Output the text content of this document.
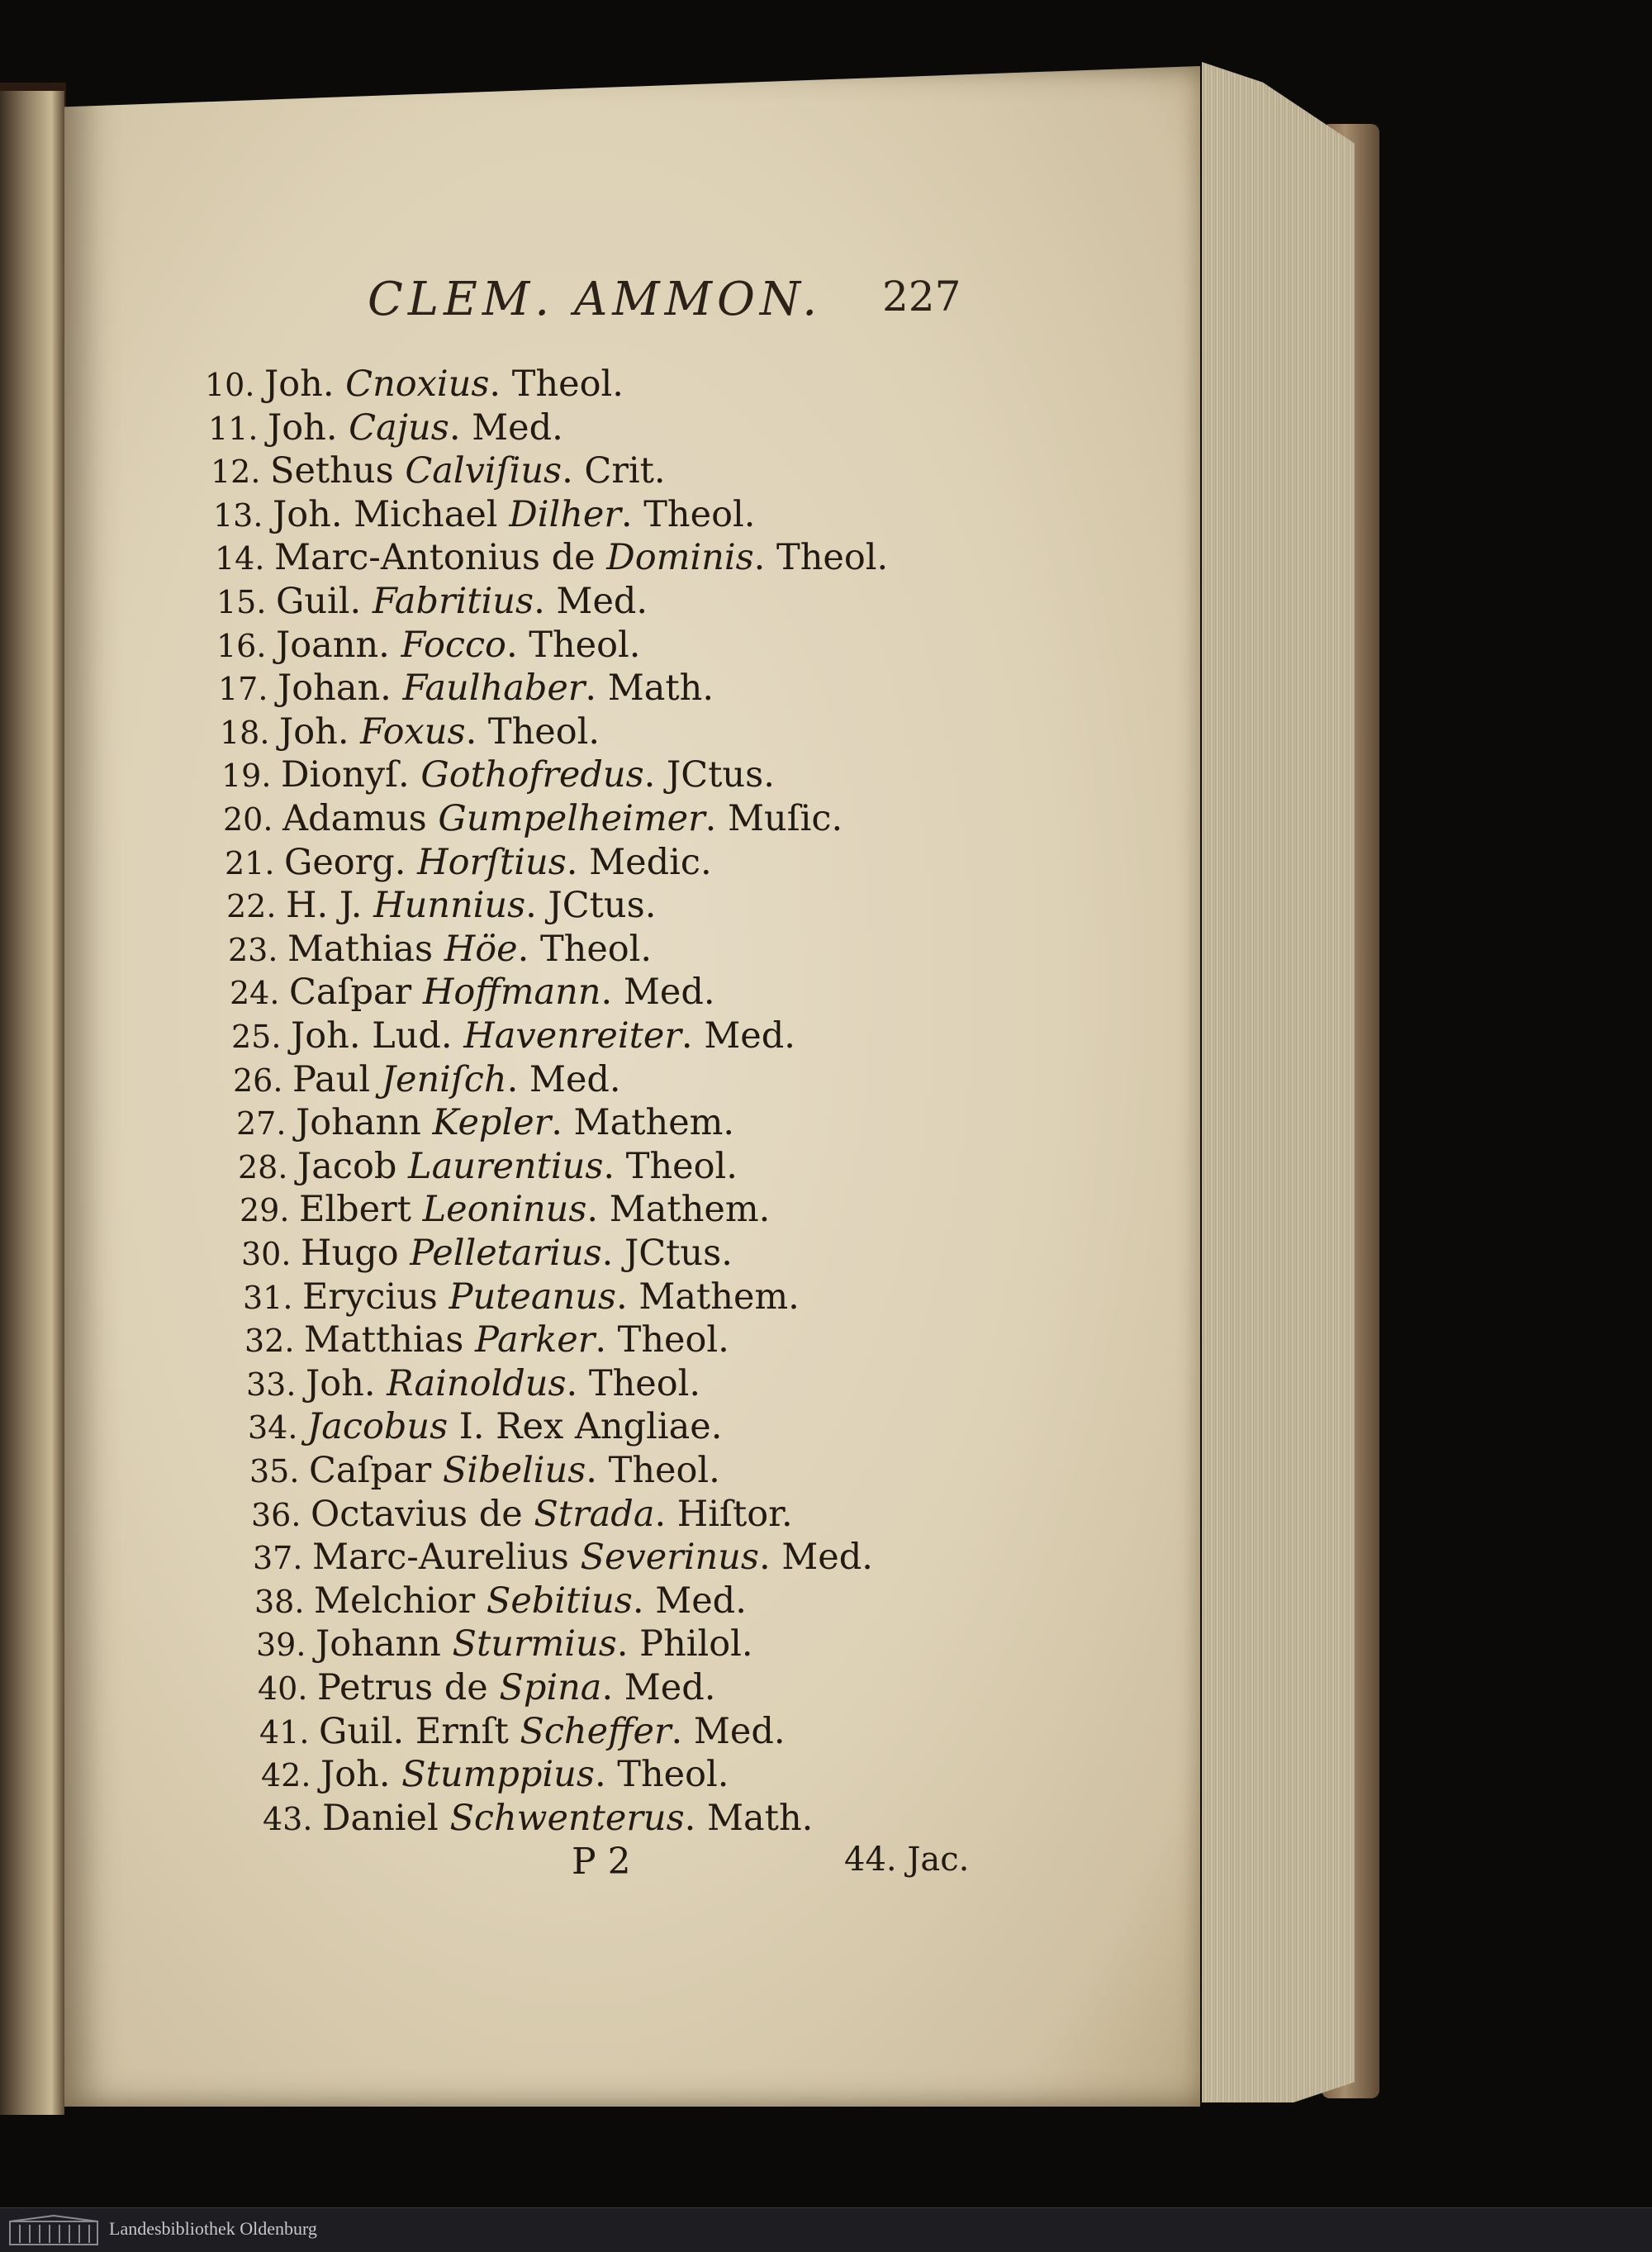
CLEM. AMMON. 227
10. Joh. Cnoxius. Theol.
11. Joh. Cajus. Med.
12. Sethus Calviſius. Crit.
13. Joh. Michael Dilher. Theol.
14. Marc-Antonius de Dominis. Theol.
15. Guil. Fabritius. Med.
16. Joann. Focco. Theol.
17. Johan. Faulhaber. Math.
18. Joh. Foxus. Theol.
19. Dionyſ. Gothofredus. JCtus.
20. Adamus Gumpelheimer. Muſic.
21. Georg. Horſtius. Medic.
22. H. J. Hunnius. JCtus.
23. Mathias Höe. Theol.
24. Caſpar Hoffmann. Med.
25. Joh. Lud. Havenreiter. Med.
26. Paul Jeniſch. Med.
27. Johann Kepler. Mathem.
28. Jacob Laurentius. Theol.
29. Elbert Leoninus. Mathem.
30. Hugo Pelletarius. JCtus.
31. Erycius Puteanus. Mathem.
32. Matthias Parker. Theol.
33. Joh. Rainoldus. Theol.
34. Jacobus I. Rex Angliae.
35. Caſpar Sibelius. Theol.
36. Octavius de Strada. Hiſtor.
37. Marc-Aurelius Severinus. Med.
38. Melchior Sebitius. Med.
39. Johann Sturmius. Philol.
40. Petrus de Spina. Med.
41. Guil. Ernſt Scheffer. Med.
42. Joh. Stumppius. Theol.
43. Daniel Schwenterus. Math.
P 2	44. Jac.
Landesbibliothek Oldenburg
